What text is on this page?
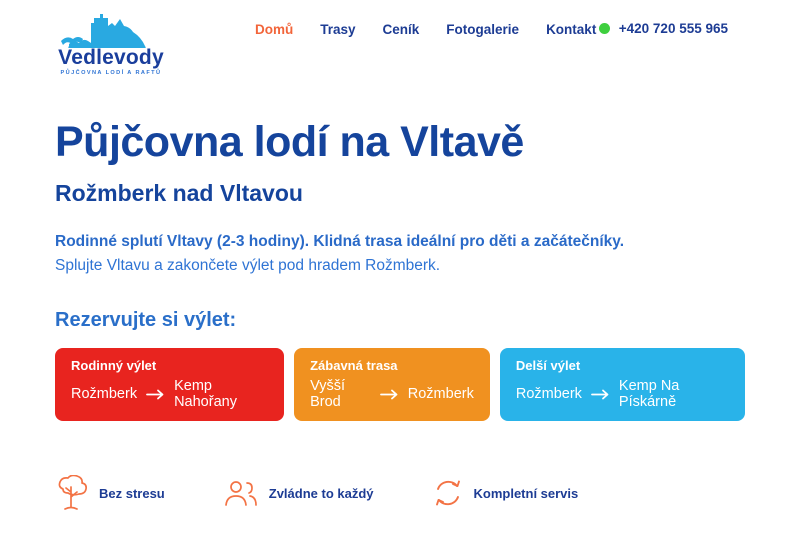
Vedlevody
PŮJČOVNA LODÍ A RAFTŮ
Domů Trasy Ceník Fotogalerie Kontakt +420 720 555 965
Půjčovna lodí na Vltavě
Rožmberk nad Vltavou

Rodinné splutí Vltavy (2-3 hodiny). Klidná trasa ideální pro děti a začátečníky.
Splujte Vltavu a zakončete výlet pod hradem Rožmberk.

Rezervujte si výlet:
Rodinný výlet
Rožmberk	Kemp Nahořany
Zábavná trasa
Vyšší Brod	Rožmberk
Delší výlet
Rožmberk	Kemp Na Pískárně
Bez stresu	Zvládne to každý	Kompletní servis
